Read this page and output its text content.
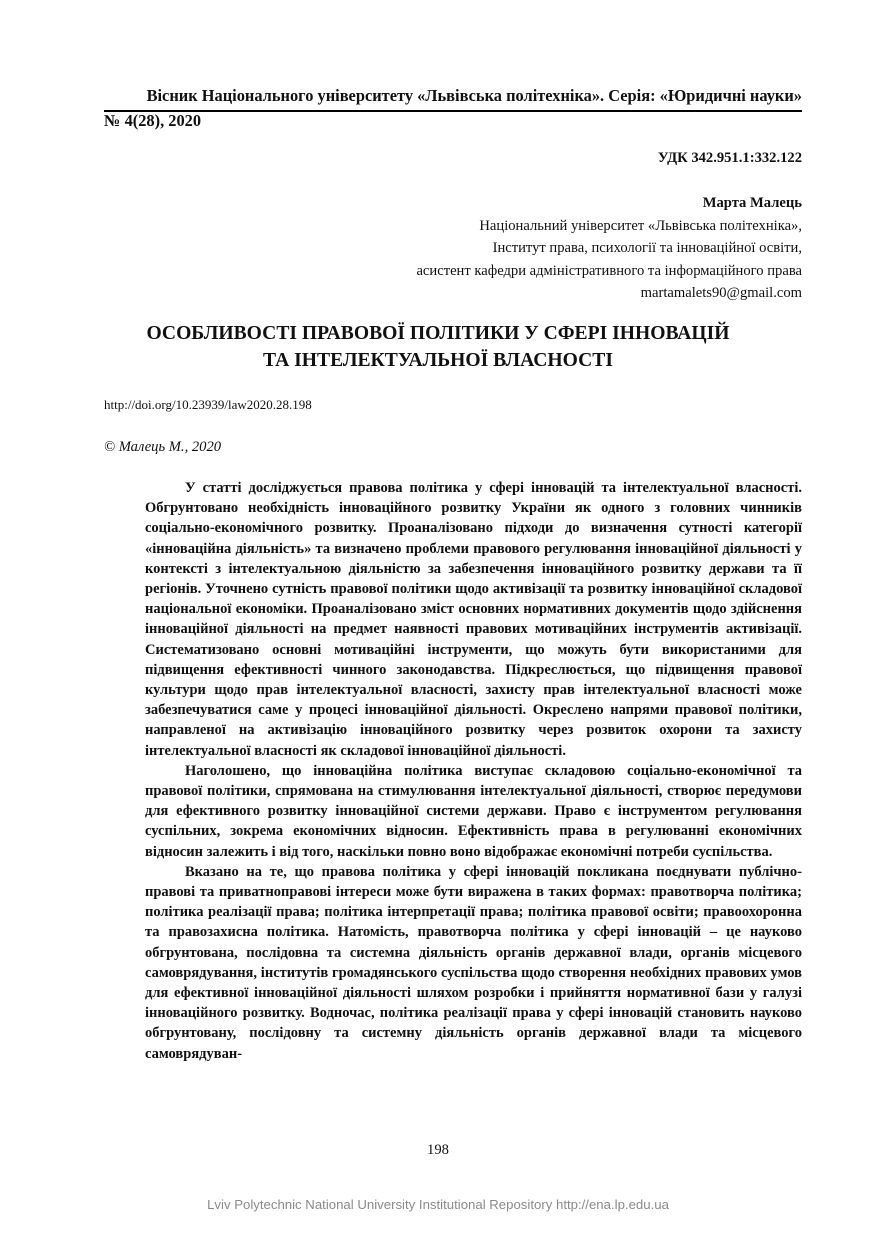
Вісник Національного університету «Львівська політехніка». Серія: «Юридичні науки»
№ 4(28), 2020
УДК 342.951.1:332.122
Марта Малець
Національний університет «Львівська політехніка»,
Інститут права, психології та інноваційної освіти,
асистент кафедри адміністративного та інформаційного права
martamalets90@gmail.com
ОСОБЛИВОСТІ ПРАВОВОЇ ПОЛІТИКИ У СФЕРІ ІННОВАЦІЙ
ТА ІНТЕЛЕКТУАЛЬНОЇ ВЛАСНОСТІ
http://doi.org/10.23939/law2020.28.198
© Малець М., 2020

У статті досліджується правова політика у сфері інновацій та інтелектуальної власності. Обгрунтовано необхідність інноваційного розвитку України як одного з головних чинників соціально-економічного розвитку. Проаналізовано підходи до визначення сутності категорії «інноваційна діяльність» та визначено проблеми правового регулювання інноваційної діяльності у контексті з інтелектуальною діяльністю за забезпечення інноваційного розвитку держави та її регіонів. Уточнено сутність правової політики щодо активізації та розвитку інноваційної складової національної економіки. Проаналізовано зміст основних нормативних документів щодо здійснення інноваційної діяльності на предмет наявності правових мотиваційних інструментів активізації. Систематизовано основні мотиваційні інструменти, що можуть бути використаними для підвищення ефективності чинного законодавства. Підкреслюється, що підвищення правової культури щодо прав інтелектуальної власності, захисту прав інтелектуальної власності може забезпечуватися саме у процесі інноваційної діяльності. Окреслено напрями правової політики, направленої на активізацію інноваційного розвитку через розвиток охорони та захисту інтелектуальної власності як складової інноваційної діяльності.

Наголошено, що інноваційна політика виступає складовою соціально-економічної та правової політики, спрямована на стимулювання інтелектуальної діяльності, створює передумови для ефективного розвитку інноваційної системи держави. Право є інструментом регулювання суспільних, зокрема економічних відносин. Ефективність права в регулюванні економічних відносин залежить і від того, наскільки повно воно відображає економічні потреби суспільства.

Вказано на те, що правова політика у сфері інновацій покликана поєднувати публічно-правові та приватноправові інтереси може бути виражена в таких формах: правотворча політика; політика реалізації права; політика інтерпретації права; політика правової освіти; правоохоронна та правозахисна політика. Натомість, правотворча політика у сфері інновацій – це науково обгрунтована, послідовна та системна діяльність органів державної влади, органів місцевого самоврядування, інститутів громадянського суспільства щодо створення необхідних правових умов для ефективної інноваційної діяльності шляхом розробки і прийняття нормативної бази у галузі інноваційного розвитку. Водночас, політика реалізації права у сфері інновацій становить науково обгрунтовану, послідовну та системну діяльність органів державної влади та місцевого самоврядуван-

198
Lviv Polytechnic National University Institutional Repository http://ena.lp.edu.ua
